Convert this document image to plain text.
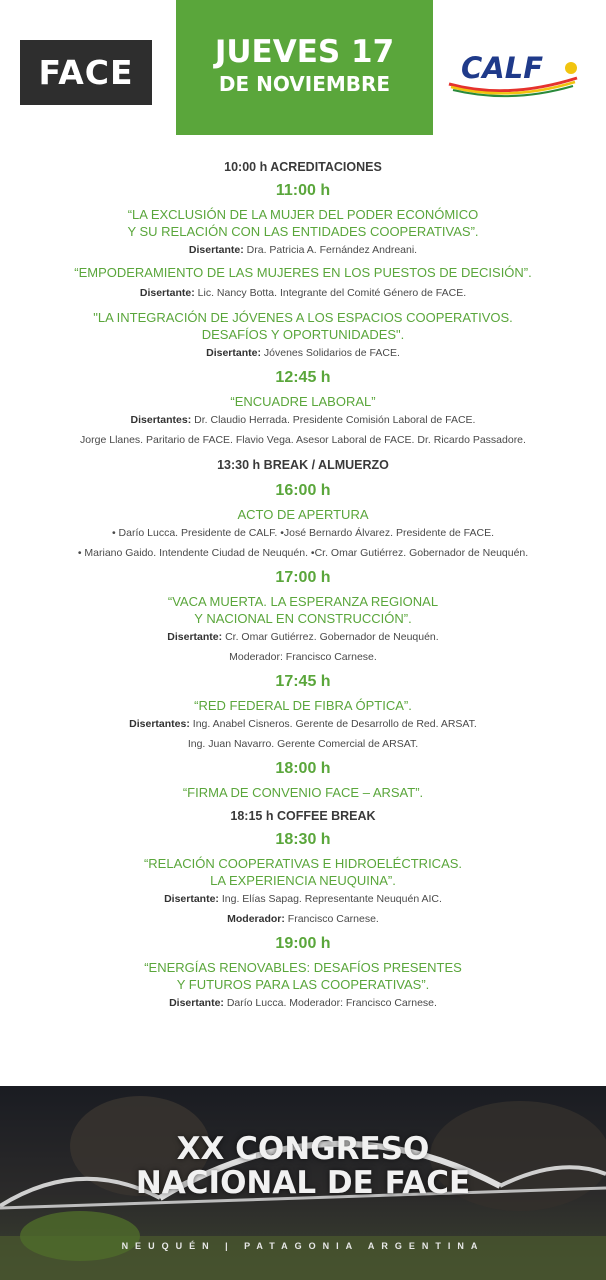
FACE
JUEVES 17
DE NOVIEMBRE	CALF
10:00 h ACREDITACIONES
11:00 h
“LA EXCLUSIÓN DE LA MUJER DEL PODER ECONÓMICO
Y SU RELACIÓN CON LAS ENTIDADES COOPERATIVAS”.
Disertante: Dra. Patricia A. Fernández Andreani.
“EMPODERAMIENTO DE LAS MUJERES EN LOS PUESTOS DE DECISIÓN”.
Disertante: Lic. Nancy Botta. Integrante del Comité Género de FACE.
"LA INTEGRACIÓN DE JÓVENES A LOS ESPACIOS COOPERATIVOS.
DESAFÍOS Y OPORTUNIDADES".
Disertante: Jóvenes Solidarios de FACE.
12:45 h
“ENCUADRE LABORAL”
Disertantes: Dr. Claudio Herrada. Presidente Comisión Laboral de FACE.
Jorge Llanes. Paritario de FACE. Flavio Vega. Asesor Laboral de FACE. Dr. Ricardo Passadore.
13:30 h BREAK / ALMUERZO
16:00 h
ACTO DE APERTURA
• Darío Lucca. Presidente de CALF. •José Bernardo Álvarez. Presidente de FACE.
• Mariano Gaido. Intendente Ciudad de Neuquén. •Cr. Omar Gutiérrez. Gobernador de Neuquén.
17:00 h
“VACA MUERTA. LA ESPERANZA REGIONAL
Y NACIONAL EN CONSTRUCCIÓN”.
Disertante: Cr. Omar Gutiérrez. Gobernador de Neuquén.
Moderador: Francisco Carnese.
17:45 h
“RED FEDERAL DE FIBRA ÓPTICA”.
Disertantes: Ing. Anabel Cisneros. Gerente de Desarrollo de Red. ARSAT.
Ing. Juan Navarro. Gerente Comercial de ARSAT.
18:00 h
“FIRMA DE CONVENIO FACE – ARSAT”.
18:15 h COFFEE BREAK
18:30 h
“RELACIÓN COOPERATIVAS E HIDROELÉCTRICAS.
LA EXPERIENCIA NEUQUINA”.
Disertante: Ing. Elías Sapag. Representante Neuquén AIC.
Moderador: Francisco Carnese.
19:00 h
“ENERGÍAS RENOVABLES: DESAFÍOS PRESENTES
Y FUTUROS PARA LAS COOPERATIVAS”.
Disertante: Darío Lucca. Moderador: Francisco Carnese.
XX CONGRESO
NACIONAL DE FACE
NEUQUÉN | PATAGONIA ARGENTINA
